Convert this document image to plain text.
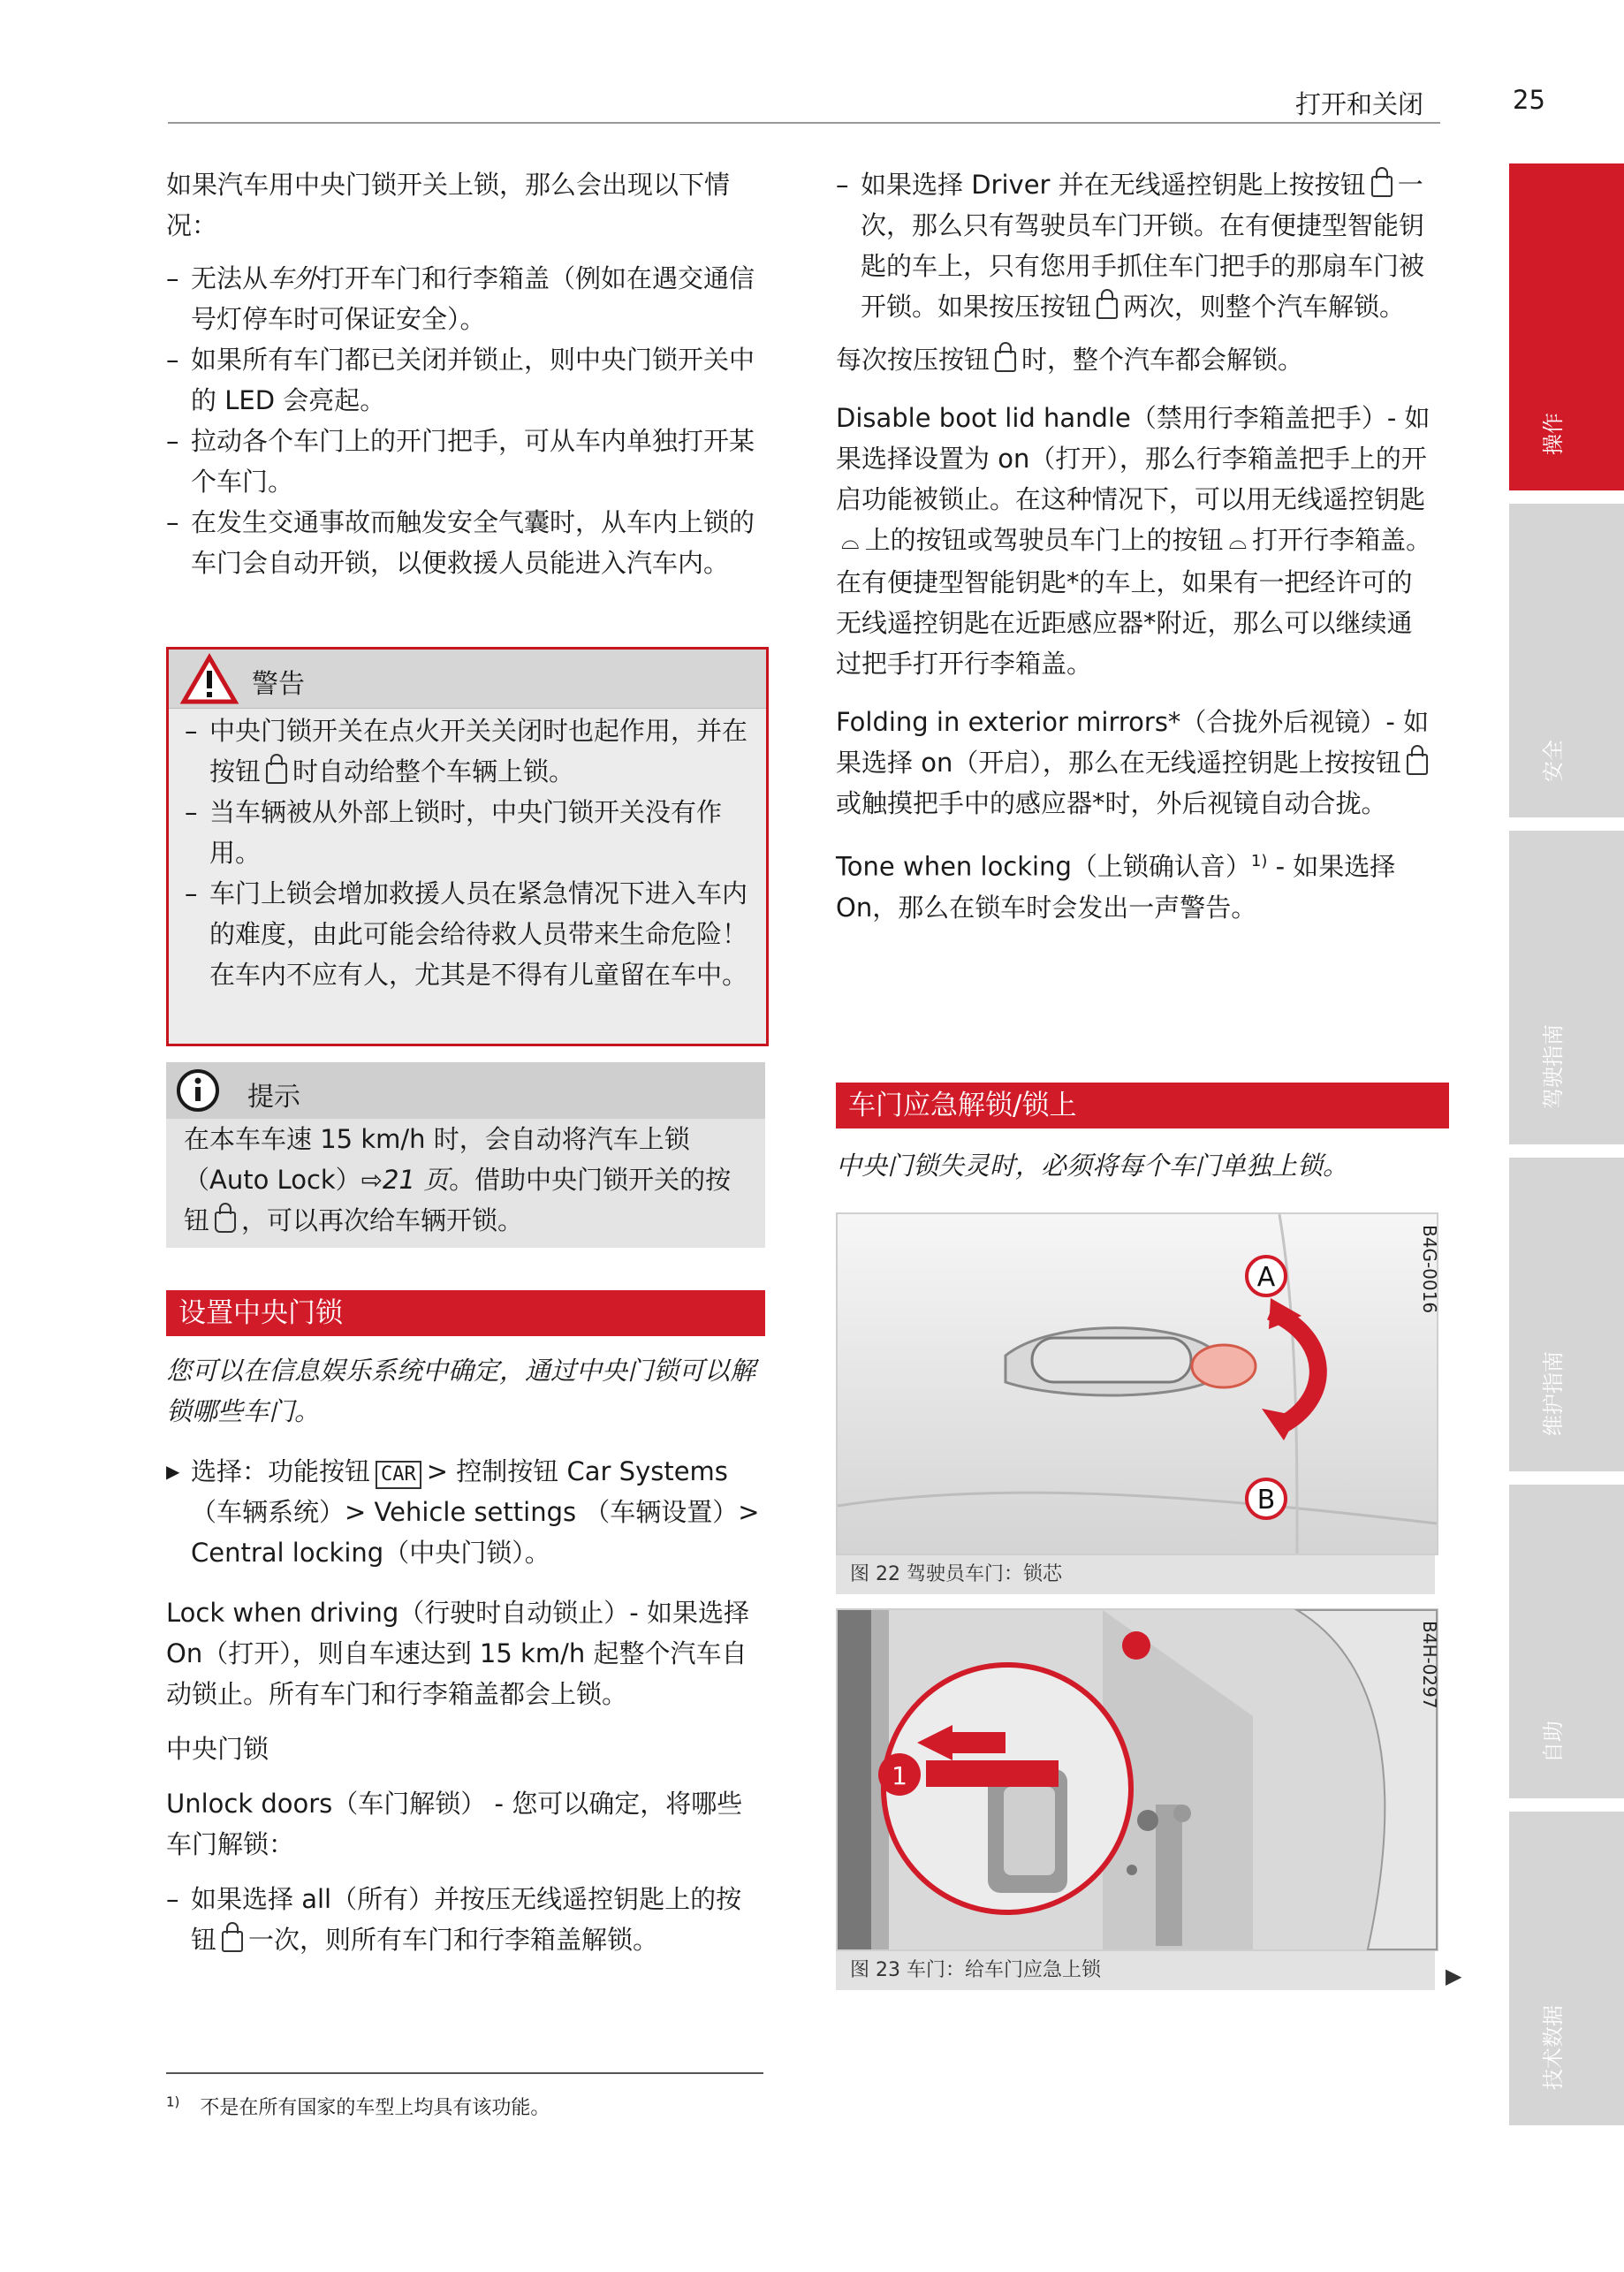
打开和关闭	25
操作
安全
驾驶指南
维护指南
自助
技术数据

如果汽车用中央门锁开关上锁，那么会出现以下情况：

– 无法从车外打开车门和行李箱盖（例如在遇交通信号灯停车时可保证安全）。

– 如果所有车门都已关闭并锁止，则中央门锁开关中的 LED 会亮起。

– 拉动各个车门上的开门把手，可从车内单独打开某个车门。

– 在发生交通事故而触发安全气囊时，从车内上锁的车门会自动开锁，以便救援人员能进入汽车内。

警告

– 中央门锁开关在点火开关关闭时也起作用，并在按钮 时自动给整个车辆上锁。

– 当车辆被从外部上锁时，中央门锁开关没有作用。

– 车门上锁会增加救援人员在紧急情况下进入车内的难度，由此可能会给待救人员带来生命危险！在车内不应有人，尤其是不得有儿童留在车中。

提示

在本车车速 15 km/h 时，会自动将汽车上锁（Auto Lock）⇨21 页。借助中央门锁开关的按钮 ，可以再次给车辆开锁。

设置中央门锁

您可以在信息娱乐系统中确定，通过中央门锁可以解锁哪些车门。

▶ 选择：功能按钮 CAR > 控制按钮 Car Systems（车辆系统）> Vehicle settings （车辆设置）> Central locking（中央门锁）。

Lock when driving（行驶时自动锁止）- 如果选择 On（打开），则自车速达到 15 km/h 起整个汽车自动锁止。所有车门和行李箱盖都会上锁。

中央门锁

Unlock doors（车门解锁） - 您可以确定，将哪些车门解锁：

– 如果选择 all（所有）并按压无线遥控钥匙上的按钮 一次，则所有车门和行李箱盖解锁。

$^{1)}$ 不是在所有国家的车型上均具有该功能。

– 如果选择 Driver 并在无线遥控钥匙上按按钮 一次，那么只有驾驶员车门开锁。在有便捷型智能钥匙的车上，只有您用手抓住车门把手的那扇车门被开锁。如果按压按钮 两次，则整个汽车解锁。

每次按压按钮 时，整个汽车都会解锁。

Disable boot lid handle（禁用行李箱盖把手）- 如果选择设置为 on（打开），那么行李箱盖把手上的开启功能被锁止。在这种情况下，可以用无线遥控钥匙⌓ 上的按钮或驾驶员车门上的按钮 ⌓ 打开行李箱盖。在有便捷型智能钥匙*的车上，如果有一把经许可的无线遥控钥匙在近距感应器*附近，那么可以继续通过把手打开行李箱盖。

Folding in exterior mirrors*（合拢外后视镜）- 如果选择 on（开启），那么在无线遥控钥匙上按按钮或触摸把手中的感应器*时，外后视镜自动合拢。

Tone when locking（上锁确认音）$^{1)}$ - 如果选择 On，那么在锁车时会发出一声警告。

车门应急解锁/锁上

中央门锁失灵时，必须将每个车门单独上锁。

A
B
B4G-0016
图 22 驾驶员车门：锁芯
1
B4H-0297
图 23 车门：给车门应急上锁	▶
